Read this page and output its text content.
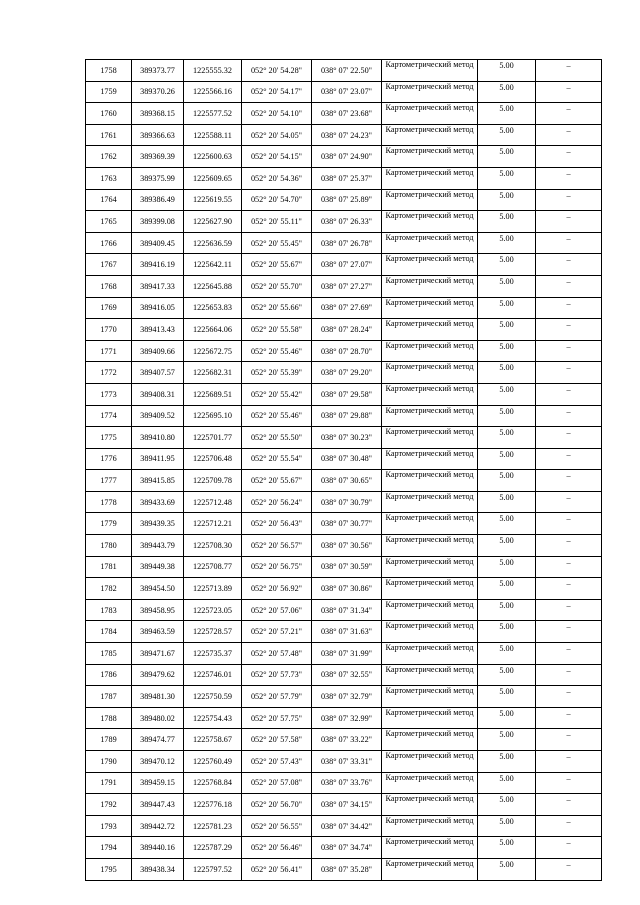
1758	389373.77	1225555.32	052° 20' 54.28"	038° 07' 22.50"	Картометрический метод	5.00	–
1759	389370.26	1225566.16	052° 20' 54.17"	038° 07' 23.07"	Картометрический метод	5.00	–
1760	389368.15	1225577.52	052° 20' 54.10"	038° 07' 23.68"	Картометрический метод	5.00	–
1761	389366.63	1225588.11	052° 20' 54.05"	038° 07' 24.23"	Картометрический метод	5.00	–
1762	389369.39	1225600.63	052° 20' 54.15"	038° 07' 24.90"	Картометрический метод	5.00	–
1763	389375.99	1225609.65	052° 20' 54.36"	038° 07' 25.37"	Картометрический метод	5.00	–
1764	389386.49	1225619.55	052° 20' 54.70"	038° 07' 25.89"	Картометрический метод	5.00	–
1765	389399.08	1225627.90	052° 20' 55.11"	038° 07' 26.33"	Картометрический метод	5.00	–
1766	389409.45	1225636.59	052° 20' 55.45"	038° 07' 26.78"	Картометрический метод	5.00	–
1767	389416.19	1225642.11	052° 20' 55.67"	038° 07' 27.07"	Картометрический метод	5.00	–
1768	389417.33	1225645.88	052° 20' 55.70"	038° 07' 27.27"	Картометрический метод	5.00	–
1769	389416.05	1225653.83	052° 20' 55.66"	038° 07' 27.69"	Картометрический метод	5.00	–
1770	389413.43	1225664.06	052° 20' 55.58"	038° 07' 28.24"	Картометрический метод	5.00	–
1771	389409.66	1225672.75	052° 20' 55.46"	038° 07' 28.70"	Картометрический метод	5.00	–
1772	389407.57	1225682.31	052° 20' 55.39"	038° 07' 29.20"	Картометрический метод	5.00	–
1773	389408.31	1225689.51	052° 20' 55.42"	038° 07' 29.58"	Картометрический метод	5.00	–
1774	389409.52	1225695.10	052° 20' 55.46"	038° 07' 29.88"	Картометрический метод	5.00	–
1775	389410.80	1225701.77	052° 20' 55.50"	038° 07' 30.23"	Картометрический метод	5.00	–
1776	389411.95	1225706.48	052° 20' 55.54"	038° 07' 30.48"	Картометрический метод	5.00	–
1777	389415.85	1225709.78	052° 20' 55.67"	038° 07' 30.65"	Картометрический метод	5.00	–
1778	389433.69	1225712.48	052° 20' 56.24"	038° 07' 30.79"	Картометрический метод	5.00	–
1779	389439.35	1225712.21	052° 20' 56.43"	038° 07' 30.77"	Картометрический метод	5.00	–
1780	389443.79	1225708.30	052° 20' 56.57"	038° 07' 30.56"	Картометрический метод	5.00	–
1781	389449.38	1225708.77	052° 20' 56.75"	038° 07' 30.59"	Картометрический метод	5.00	–
1782	389454.50	1225713.89	052° 20' 56.92"	038° 07' 30.86"	Картометрический метод	5.00	–
1783	389458.95	1225723.05	052° 20' 57.06"	038° 07' 31.34"	Картометрический метод	5.00	–
1784	389463.59	1225728.57	052° 20' 57.21"	038° 07' 31.63"	Картометрический метод	5.00	–
1785	389471.67	1225735.37	052° 20' 57.48"	038° 07' 31.99"	Картометрический метод	5.00	–
1786	389479.62	1225746.01	052° 20' 57.73"	038° 07' 32.55"	Картометрический метод	5.00	–
1787	389481.30	1225750.59	052° 20' 57.79"	038° 07' 32.79"	Картометрический метод	5.00	–
1788	389480.02	1225754.43	052° 20' 57.75"	038° 07' 32.99"	Картометрический метод	5.00	–
1789	389474.77	1225758.67	052° 20' 57.58"	038° 07' 33.22"	Картометрический метод	5.00	–
1790	389470.12	1225760.49	052° 20' 57.43"	038° 07' 33.31"	Картометрический метод	5.00	–
1791	389459.15	1225768.84	052° 20' 57.08"	038° 07' 33.76"	Картометрический метод	5.00	–
1792	389447.43	1225776.18	052° 20' 56.70"	038° 07' 34.15"	Картометрический метод	5.00	–
1793	389442.72	1225781.23	052° 20' 56.55"	038° 07' 34.42"	Картометрический метод	5.00	–
1794	389440.16	1225787.29	052° 20' 56.46"	038° 07' 34.74"	Картометрический метод	5.00	–
1795	389438.34	1225797.52	052° 20' 56.41"	038° 07' 35.28"	Картометрический метод	5.00	–
